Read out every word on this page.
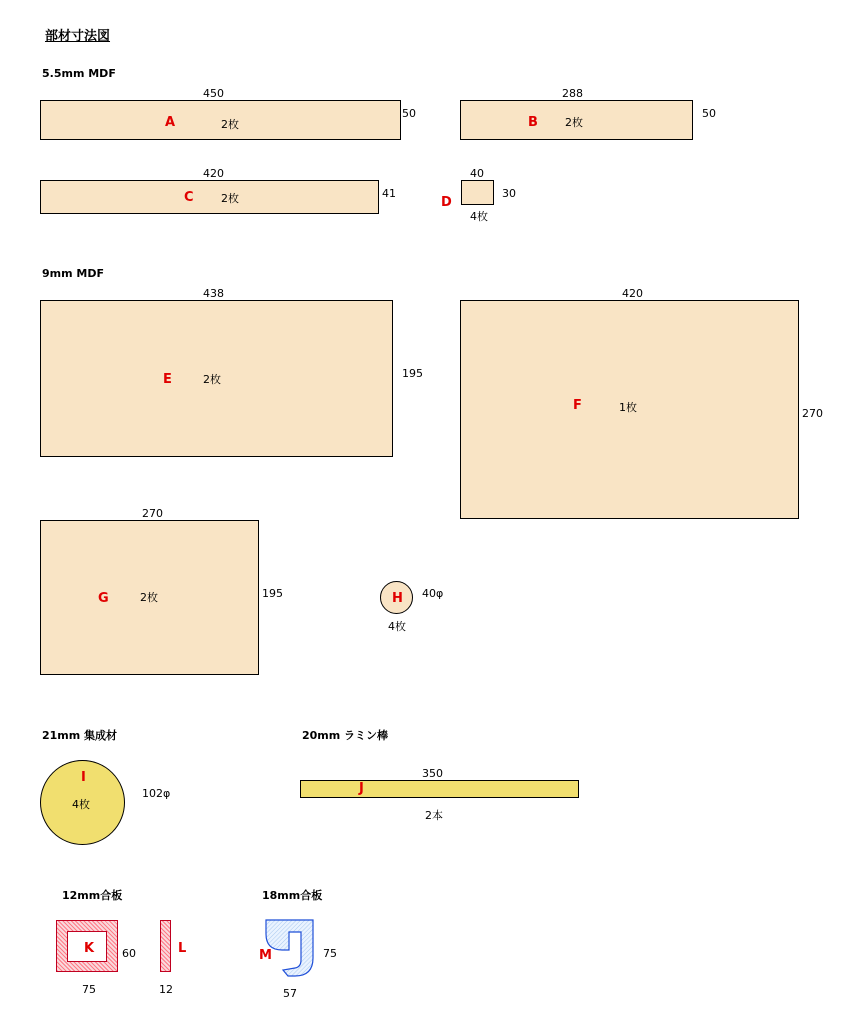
部材寸法図
5.5mm MDF
450
A	2枚
50
288
B 2枚
50
420
C 2枚	41
40
D
30
4枚
9mm MDF
438
E	2枚	195
420
F	1枚	270
270
G	2枚	195	H 40φ
4枚
21mm 集成材
I
4枚
102φ
20mm ラミン棒
350
J
2本
12mm合板
K	60
75
L
12
18mm合板
M	75
57
